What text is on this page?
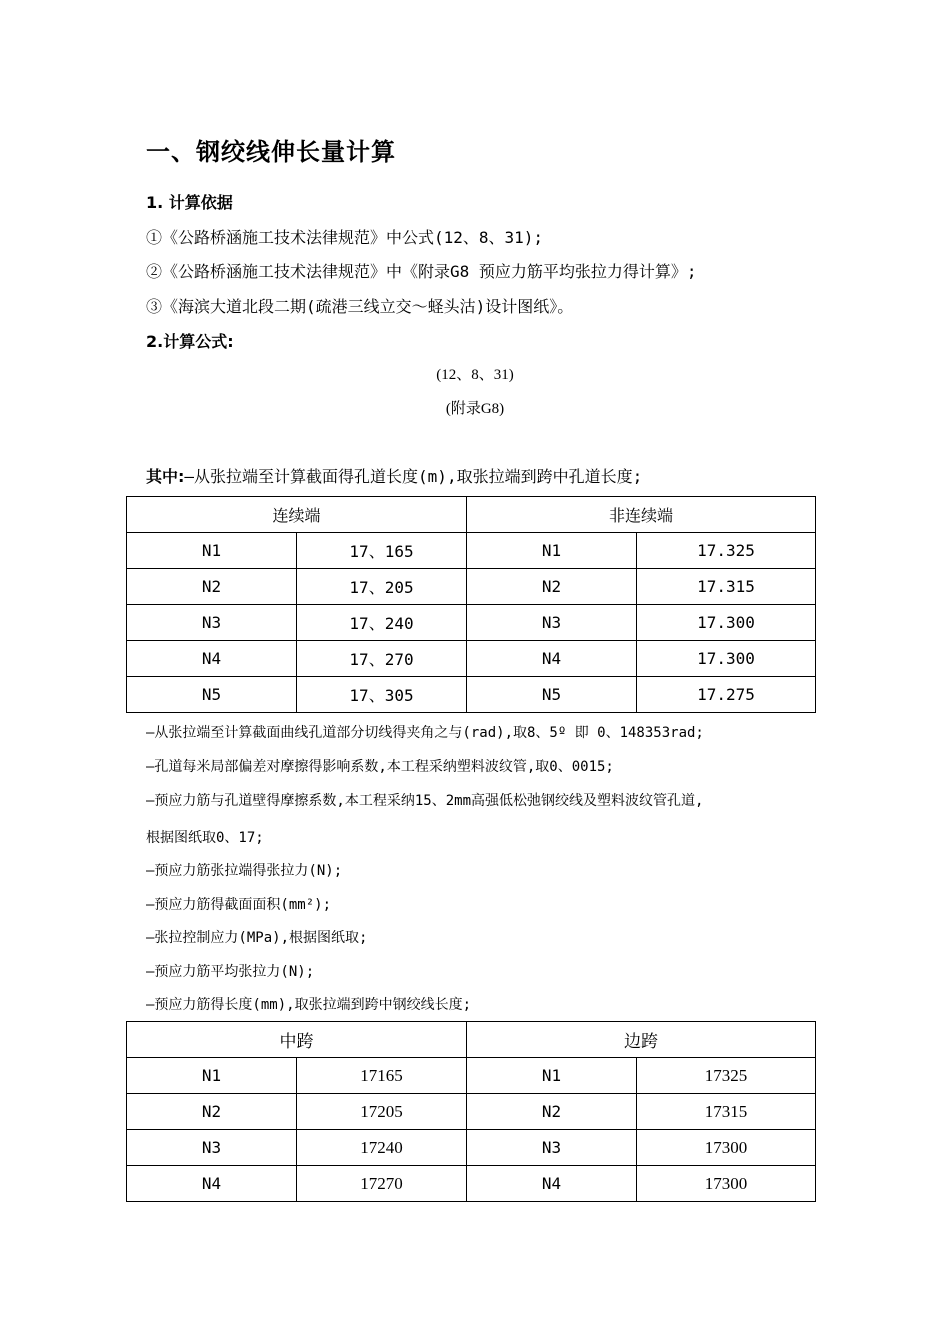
一、钢绞线伸长量计算
1. 计算依据
①《公路桥涵施工技术法律规范》中公式(12、8、31);
②《公路桥涵施工技术法律规范》中《附录G8 预应力筋平均张拉力得计算》;
③《海滨大道北段二期(疏港三线立交～蛏头沽)设计图纸》。
2.计算公式:
(12、8、31)
(附录G8)
其中:—从张拉端至计算截面得孔道长度(m),取张拉端到跨中孔道长度;
连续端		非连续端	
N1	17、165	N1	17.325
N2	17、205	N2	17.315
N3	17、240	N3	17.300
N4	17、270	N4	17.300
N5	17、305	N5	17.275
—从张拉端至计算截面曲线孔道部分切线得夹角之与(rad),取8、5º 即 0、148353rad;
—孔道每米局部偏差对摩擦得影响系数,本工程采纳塑料波纹管,取0、0015;
—预应力筋与孔道壁得摩擦系数,本工程采纳15、2mm高强低松弛钢绞线及塑料波纹管孔道,
根据图纸取0、17;
—预应力筋张拉端得张拉力(N);
—预应力筋得截面面积(mm²);
—张拉控制应力(MPa),根据图纸取;
—预应力筋平均张拉力(N);
—预应力筋得长度(mm),取张拉端到跨中钢绞线长度;
中跨		边跨	
N1	17165	N1	17325
N2	17205	N2	17315
N3	17240	N3	17300
N4	17270	N4	17300
